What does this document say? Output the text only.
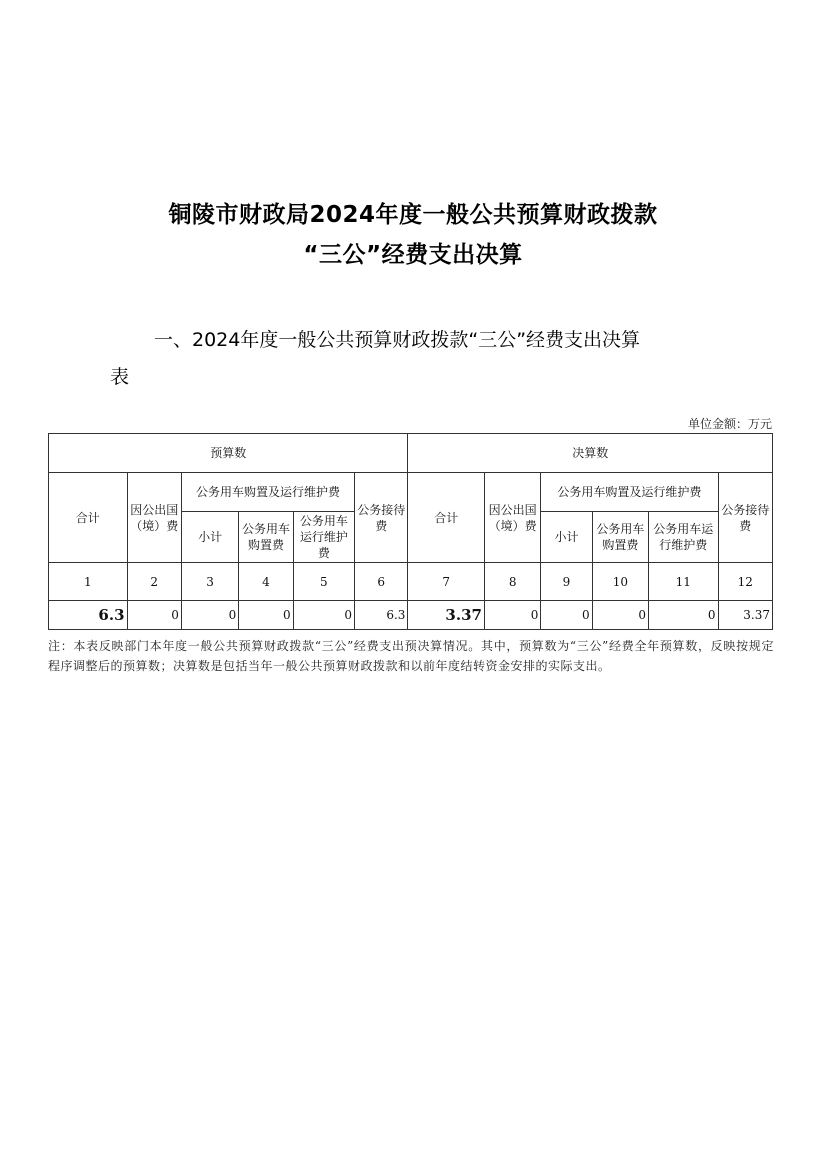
铜陵市财政局2024年度一般公共预算财政拨款
“三公”经费支出决算
一、2024年度一般公共预算财政拨款“三公”经费支出决算
表
单位金额：万元
预算数						决算数					
合计	因公出国（境）费	公务用车购置及运行维护费			公务接待费	合计	因公出国（境）费	公务用车购置及运行维护费			公务接待费
		小计	公务用车购置费	公务用车运行维护费				小计	公务用车购置费	公务用车运行维护费	
1	2	3	4	5	6	7	8	9	10	11	12
6.3	0	0	0	0	6.3	3.37	0	0	0	0	3.37
注：本表反映部门本年度一般公共预算财政拨款“三公”经费支出预决算情况。其中，预算数为“三公”经费全年预算数，反映按规定程序调整后的预算数；决算数是包括当年一般公共预算财政拨款和以前年度结转资金安排的实际支出。
